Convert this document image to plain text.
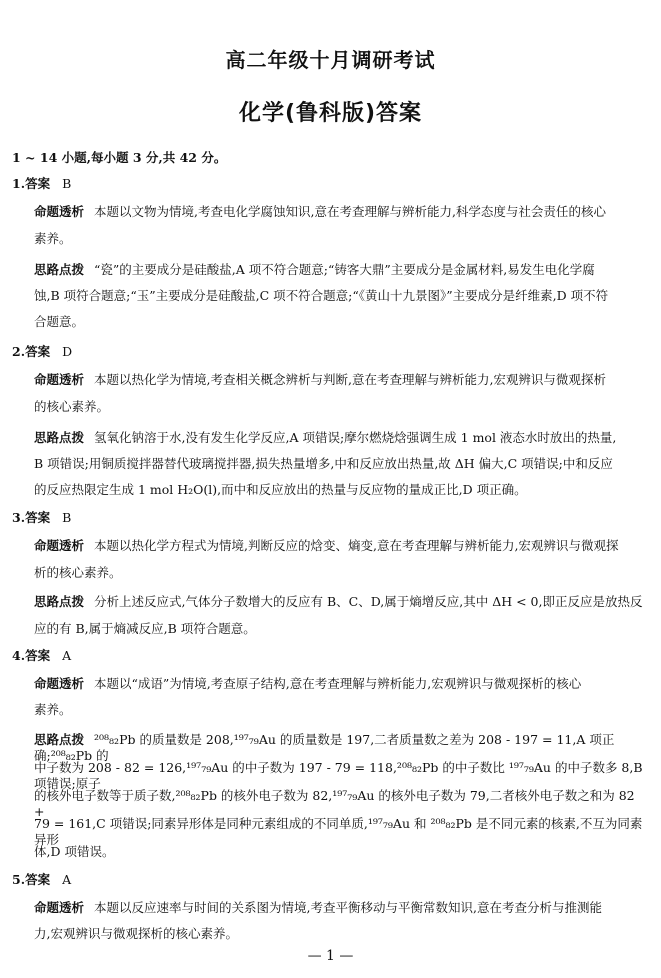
高二年级十月调研考试
化学(鲁科版)答案
1 ~ 14 小题,每小题 3 分,共 42 分。
1.答案 B
命题透析 本题以文物为情境,考查电化学腐蚀知识,意在考查理解与辨析能力,科学态度与社会责任的核心
素养。
思路点拨 “瓷”的主要成分是硅酸盐,A 项不符合题意;“铸客大鼎”主要成分是金属材料,易发生电化学腐
蚀,B 项符合题意;“玉”主要成分是硅酸盐,C 项不符合题意;“《黄山十九景图》”主要成分是纤维素,D 项不符
合题意。
2.答案 D
命题透析 本题以热化学为情境,考查相关概念辨析与判断,意在考查理解与辨析能力,宏观辨识与微观探析
的核心素养。
思路点拨 氢氧化钠溶于水,没有发生化学反应,A 项错误;摩尔燃烧焓强调生成 1 mol 液态水时放出的热量,
B 项错误;用铜质搅拌器替代玻璃搅拌器,损失热量增多,中和反应放出热量,故 ΔH 偏大,C 项错误;中和反应
的反应热限定生成 1 mol H₂O(l),而中和反应放出的热量与反应物的量成正比,D 项正确。
3.答案 B
命题透析 本题以热化学方程式为情境,判断反应的焓变、熵变,意在考查理解与辨析能力,宏观辨识与微观探
析的核心素养。
思路点拨 分析上述反应式,气体分子数增大的反应有 B、C、D,属于熵增反应,其中 ΔH < 0,即正反应是放热反
应的有 B,属于熵减反应,B 项符合题意。
4.答案 A
命题透析 本题以“成语”为情境,考查原子结构,意在考查理解与辨析能力,宏观辨识与微观探析的核心
素养。
思路点拨 ²⁰⁸₈₂Pb 的质量数是 208,¹⁹⁷₇₉Au 的质量数是 197,二者质量数之差为 208 - 197 = 11,A 项正确;²⁰⁸₈₂Pb 的
中子数为 208 - 82 = 126,¹⁹⁷₇₉Au 的中子数为 197 - 79 = 118,²⁰⁸₈₂Pb 的中子数比 ¹⁹⁷₇₉Au 的中子数多 8,B 项错误;原子
的核外电子数等于质子数,²⁰⁸₈₂Pb 的核外电子数为 82,¹⁹⁷₇₉Au 的核外电子数为 79,二者核外电子数之和为 82 +
79 = 161,C 项错误;同素异形体是同种元素组成的不同单质,¹⁹⁷₇₉Au 和 ²⁰⁸₈₂Pb 是不同元素的核素,不互为同素异形
体,D 项错误。
5.答案 A
命题透析 本题以反应速率与时间的关系图为情境,考查平衡移动与平衡常数知识,意在考查分析与推测能
力,宏观辨识与微观探析的核心素养。
— 1 —
